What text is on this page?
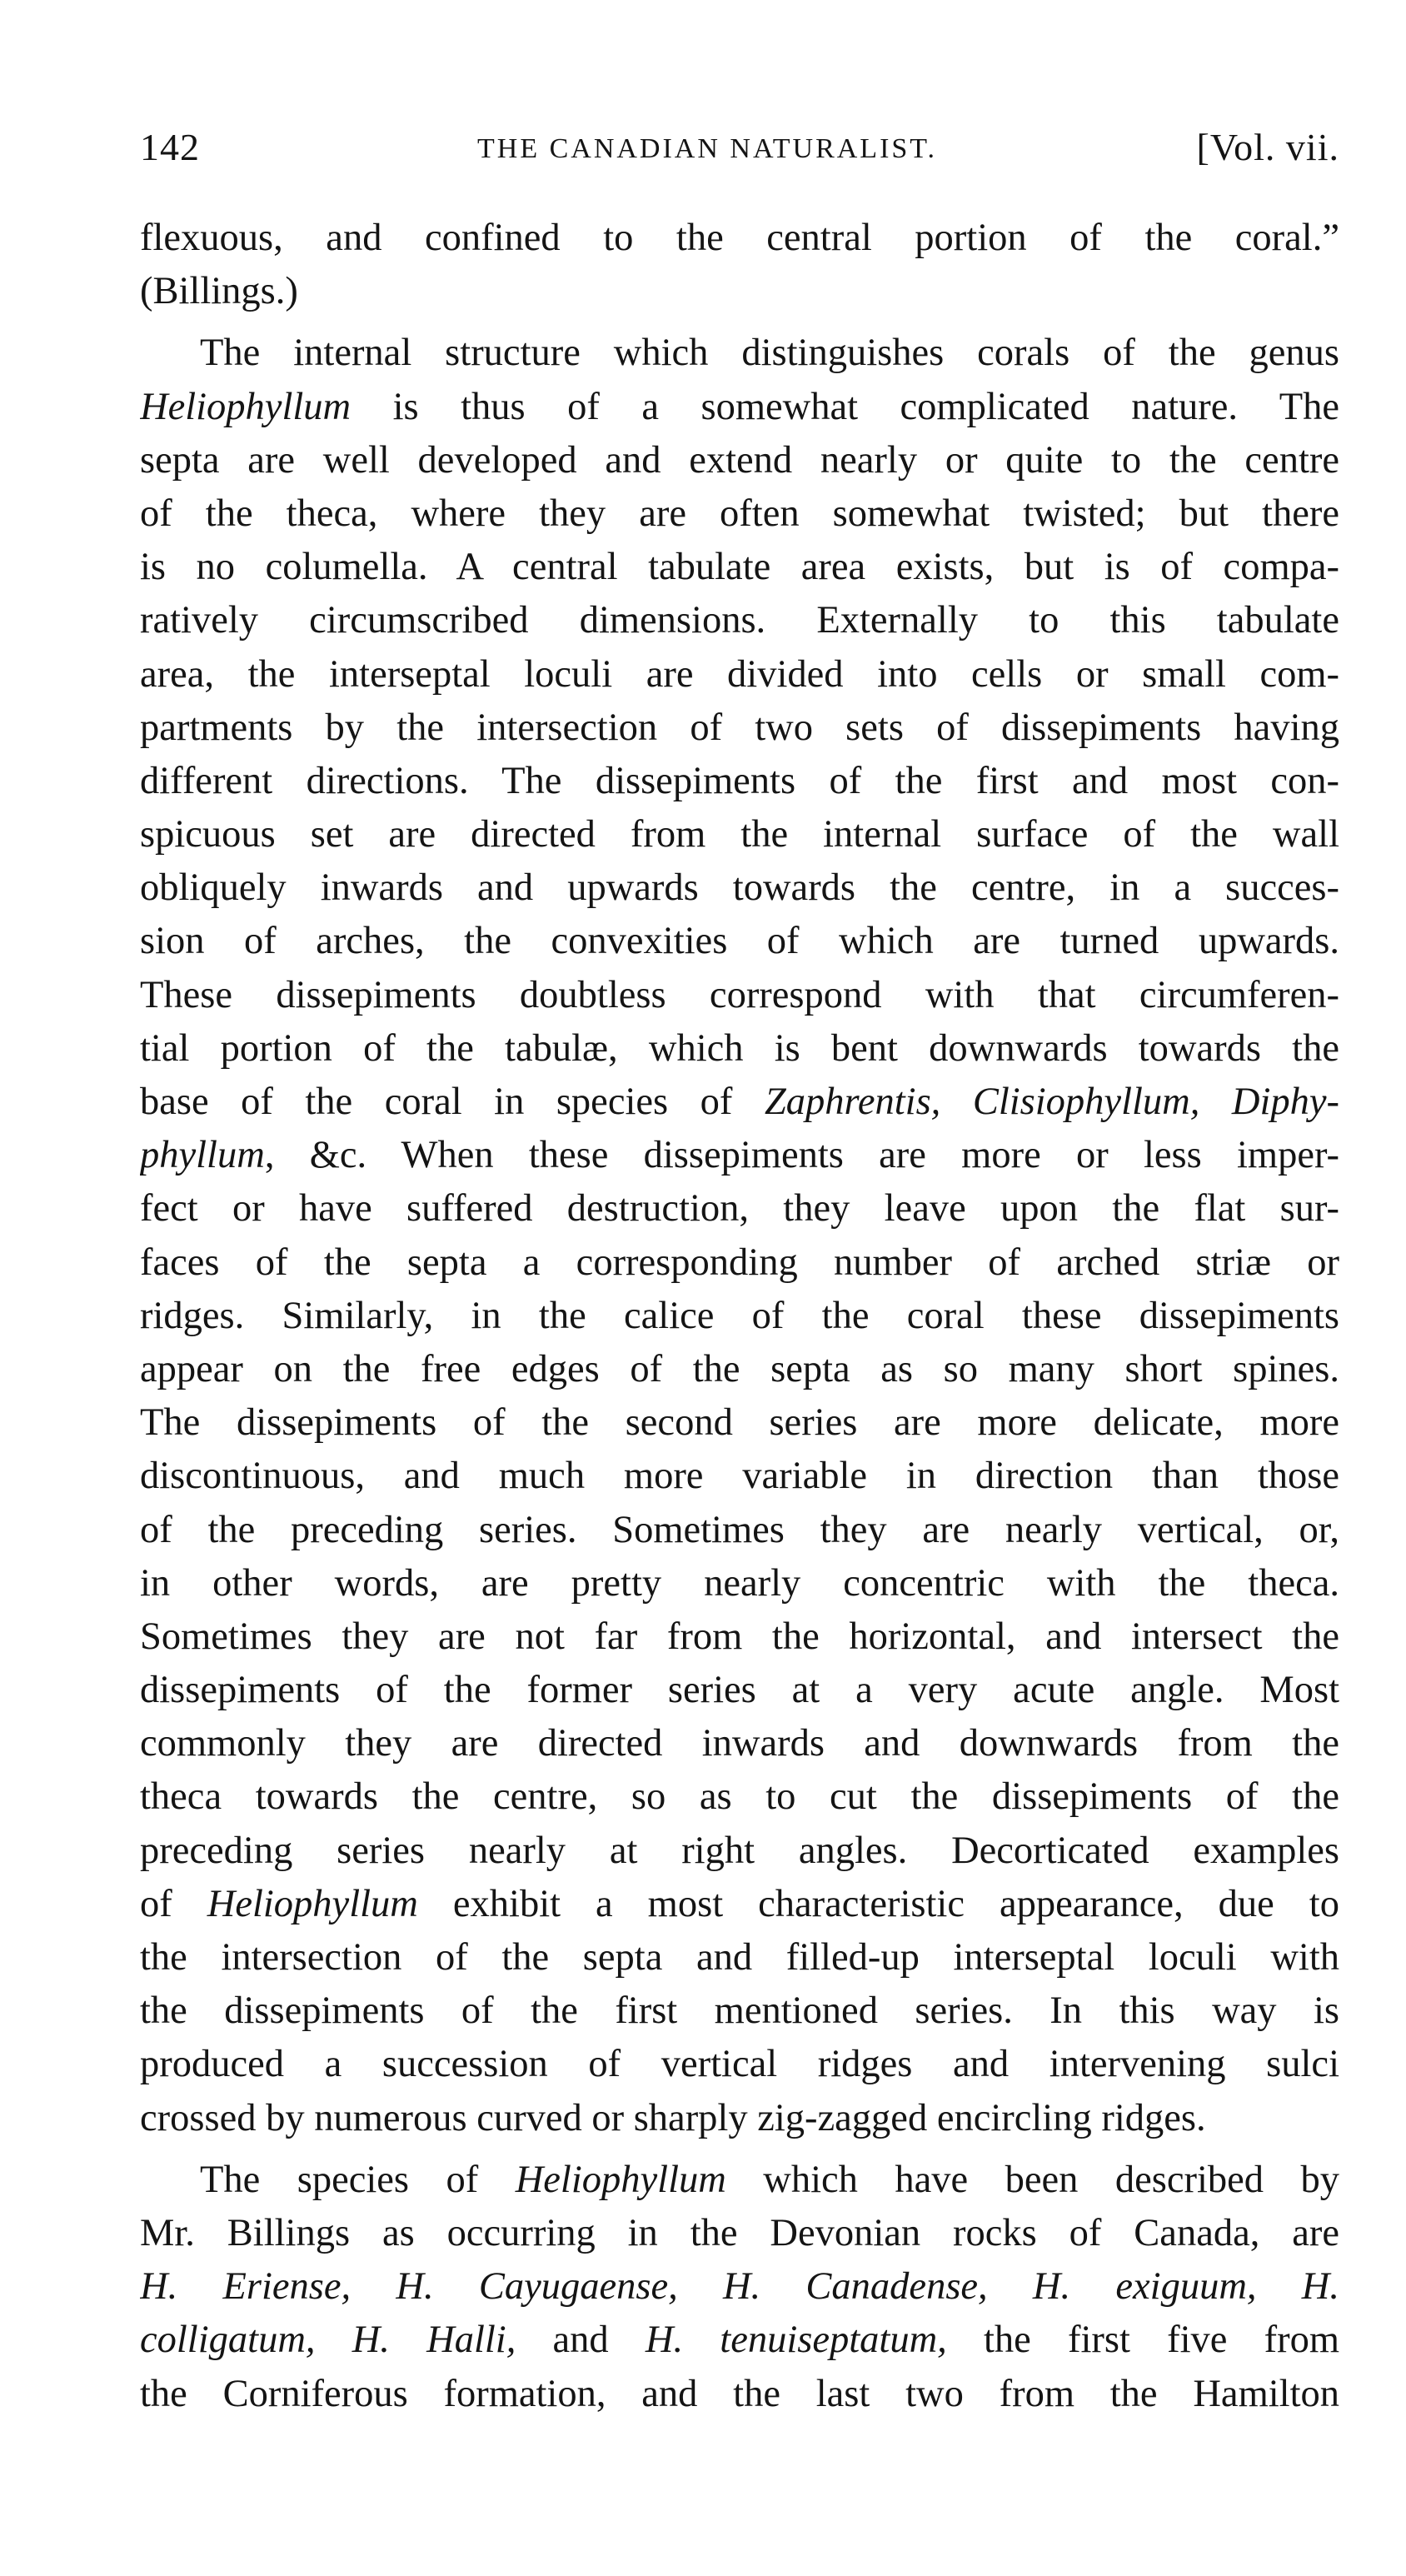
142	THE CANADIAN NATURALIST.	[Vol. vii.
flexuous, and confined to the central portion of the coral.”
(Billings.)
The internal structure which distinguishes corals of the genus
Heliophyllum is thus of a somewhat complicated nature. The
septa are well developed and extend nearly or quite to the centre
of the theca, where they are often somewhat twisted; but there
is no columella. A central tabulate area exists, but is of compa-
ratively circumscribed dimensions. Externally to this tabulate
area, the interseptal loculi are divided into cells or small com-
partments by the intersection of two sets of dissepiments having
different directions. The dissepiments of the first and most con-
spicuous set are directed from the internal surface of the wall
obliquely inwards and upwards towards the centre, in a succes-
sion of arches, the convexities of which are turned upwards.
These dissepiments doubtless correspond with that circumferen-
tial portion of the tabulæ, which is bent downwards towards the
base of the coral in species of Zaphrentis, Clisiophyllum, Diphy-
phyllum, &c. When these dissepiments are more or less imper-
fect or have suffered destruction, they leave upon the flat sur-
faces of the septa a corresponding number of arched striæ or
ridges. Similarly, in the calice of the coral these dissepiments
appear on the free edges of the septa as so many short spines.
The dissepiments of the second series are more delicate, more
discontinuous, and much more variable in direction than those
of the preceding series. Sometimes they are nearly vertical, or,
in other words, are pretty nearly concentric with the theca.
Sometimes they are not far from the horizontal, and intersect the
dissepiments of the former series at a very acute angle. Most
commonly they are directed inwards and downwards from the
theca towards the centre, so as to cut the dissepiments of the
preceding series nearly at right angles. Decorticated examples
of Heliophyllum exhibit a most characteristic appearance, due to
the intersection of the septa and filled-up interseptal loculi with
the dissepiments of the first mentioned series. In this way is
produced a succession of vertical ridges and intervening sulci
crossed by numerous curved or sharply zig-zagged encircling ridges.
The species of Heliophyllum which have been described by
Mr. Billings as occurring in the Devonian rocks of Canada, are
H. Eriense, H. Cayugaense, H. Canadense, H. exiguum, H.
colligatum, H. Halli, and H. tenuiseptatum, the first five from
the Corniferous formation, and the last two from the Hamilton
